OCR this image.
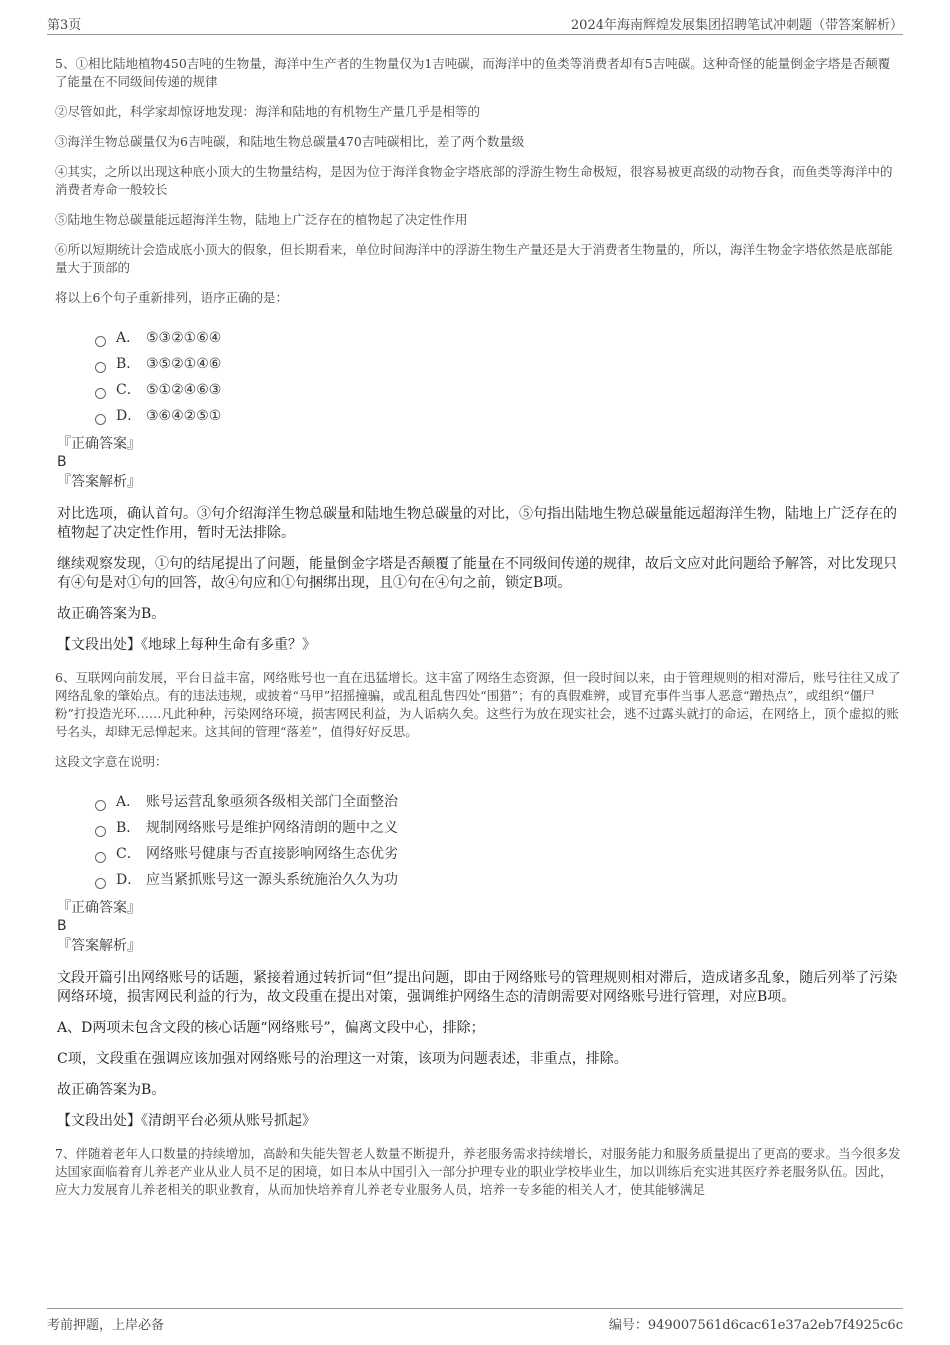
第3页	2024年海南辉煌发展集团招聘笔试冲刺题（带答案解析）

5、①相比陆地植物450吉吨的生物量，海洋中生产者的生物量仅为1吉吨碳，而海洋中的鱼类等消费者却有5吉吨碳。这种奇怪的能量倒金字塔是否颠覆了能量在不同级间传递的规律

②尽管如此，科学家却惊讶地发现：海洋和陆地的有机物生产量几乎是相等的

③海洋生物总碳量仅为6吉吨碳，和陆地生物总碳量470吉吨碳相比，差了两个数量级

④其实，之所以出现这种底小顶大的生物量结构，是因为位于海洋食物金字塔底部的浮游生物生命极短，很容易被更高级的动物吞食，而鱼类等海洋中的消费者寿命一般较长

⑤陆地生物总碳量能远超海洋生物，陆地上广泛存在的植物起了决定性作用

⑥所以短期统计会造成底小顶大的假象，但长期看来，单位时间海洋中的浮游生物生产量还是大于消费者生物量的，所以，海洋生物金字塔依然是底部能量大于顶部的

将以上6个句子重新排列，语序正确的是：

A． ⑤③②①⑥④
B． ③⑤②①④⑥
C． ⑤①②④⑥③
D． ③⑥④②⑤①
『正确答案』
B
『答案解析』

对比选项，确认首句。③句介绍海洋生物总碳量和陆地生物总碳量的对比，⑤句指出陆地生物总碳量能远超海洋生物，陆地上广泛存在的植物起了决定性作用，暂时无法排除。

继续观察发现，①句的结尾提出了问题，能量倒金字塔是否颠覆了能量在不同级间传递的规律，故后文应对此问题给予解答，对比发现只有④句是对①句的回答，故④句应和①句捆绑出现，且①句在④句之前，锁定B项。

故正确答案为B。

【文段出处】《地球上每种生命有多重？》

6、互联网向前发展，平台日益丰富，网络账号也一直在迅猛增长。这丰富了网络生态资源，但一段时间以来，由于管理规则的相对滞后，账号往往又成了网络乱象的肇始点。有的违法违规，或披着“马甲”招摇撞骗，或乱租乱售四处“围猎”；有的真假难辨，或冒充事件当事人恶意“蹭热点”，或组织“僵尸粉”打投造光环……凡此种种，污染网络环境，损害网民利益，为人诟病久矣。这些行为放在现实社会，逃不过露头就打的命运，在网络上，顶个虚拟的账号名头，却肆无忌惮起来。这其间的管理“落差”，值得好好反思。

这段文字意在说明：

A． 账号运营乱象亟须各级相关部门全面整治
B． 规制网络账号是维护网络清朗的题中之义
C． 网络账号健康与否直接影响网络生态优劣
D． 应当紧抓账号这一源头系统施治久久为功
『正确答案』
B
『答案解析』

文段开篇引出网络账号的话题，紧接着通过转折词“但”提出问题，即由于网络账号的管理规则相对滞后，造成诸多乱象，随后列举了污染网络环境，损害网民利益的行为，故文段重在提出对策，强调维护网络生态的清朗需要对网络账号进行管理，对应B项。

A、D两项未包含文段的核心话题“网络账号”，偏离文段中心，排除；

C项，文段重在强调应该加强对网络账号的治理这一对策，该项为问题表述，非重点，排除。

故正确答案为B。

【文段出处】《清朗平台必须从账号抓起》

7、伴随着老年人口数量的持续增加，高龄和失能失智老人数量不断提升，养老服务需求持续增长，对服务能力和服务质量提出了更高的要求。当今很多发达国家面临着育儿养老产业从业人员不足的困境，如日本从中国引入一部分护理专业的职业学校毕业生，加以训练后充实进其医疗养老服务队伍。因此，应大力发展育儿养老相关的职业教育，从而加快培养育儿养老专业服务人员，培养一专多能的相关人才，使其能够满足

考前押题，上岸必备	编号：949007561d6cac61e37a2eb7f4925c6c
